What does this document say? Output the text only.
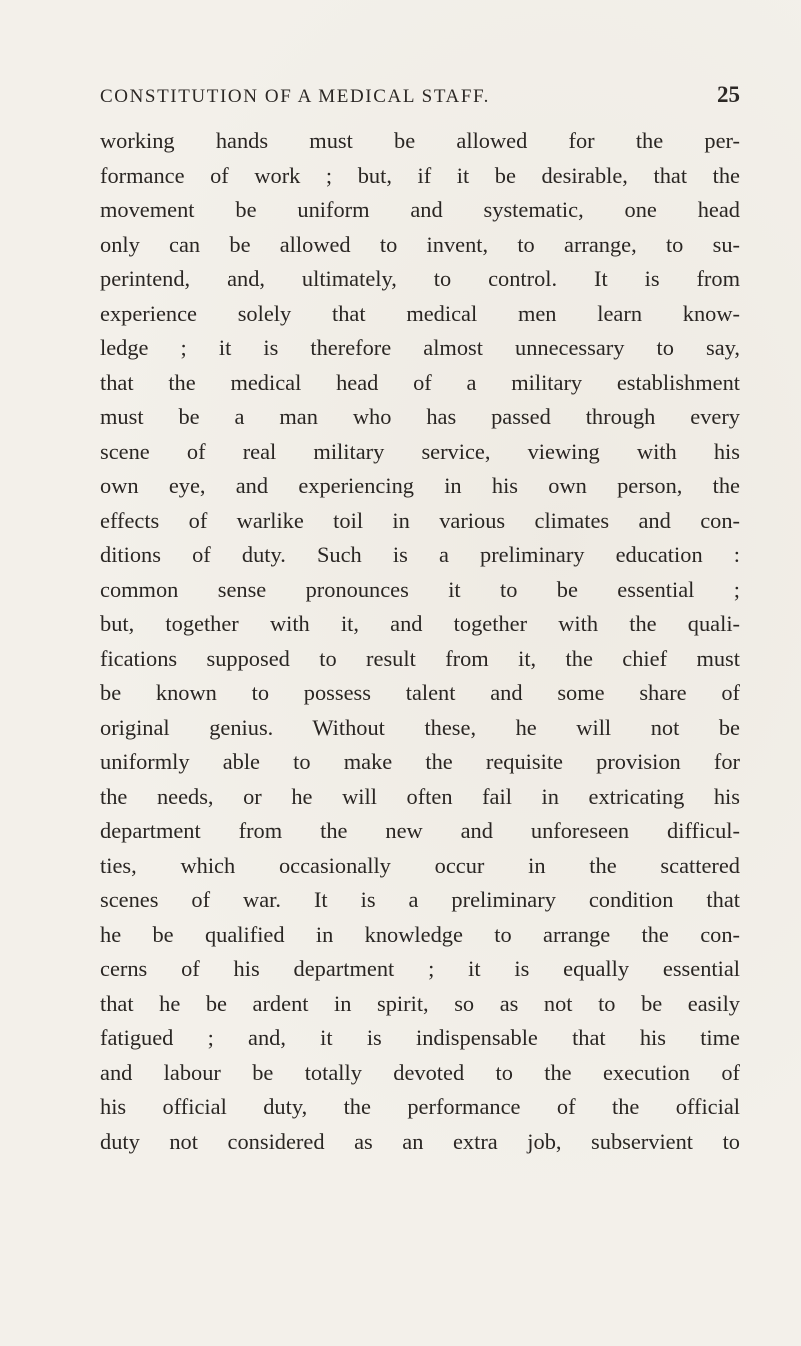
CONSTITUTION OF A MEDICAL STAFF.	25
working hands must be allowed for the per-
formance of work ; but, if it be desirable, that the
movement be uniform and systematic, one head
only can be allowed to invent, to arrange, to su-
perintend, and, ultimately, to control. It is from
experience solely that medical men learn know-
ledge ; it is therefore almost unnecessary to say,
that the medical head of a military establishment
must be a man who has passed through every
scene of real military service, viewing with his
own eye, and experiencing in his own person, the
effects of warlike toil in various climates and con-
ditions of duty. Such is a preliminary education :
common sense pronounces it to be essential ;
but, together with it, and together with the quali-
fications supposed to result from it, the chief must
be known to possess talent and some share of
original genius. Without these, he will not be
uniformly able to make the requisite provision for
the needs, or he will often fail in extricating his
department from the new and unforeseen difficul-
ties, which occasionally occur in the scattered
scenes of war. It is a preliminary condition that
he be qualified in knowledge to arrange the con-
cerns of his department ; it is equally essential
that he be ardent in spirit, so as not to be easily
fatigued ; and, it is indispensable that his time
and labour be totally devoted to the execution of
his official duty, the performance of the official
duty not considered as an extra job, subservient to
